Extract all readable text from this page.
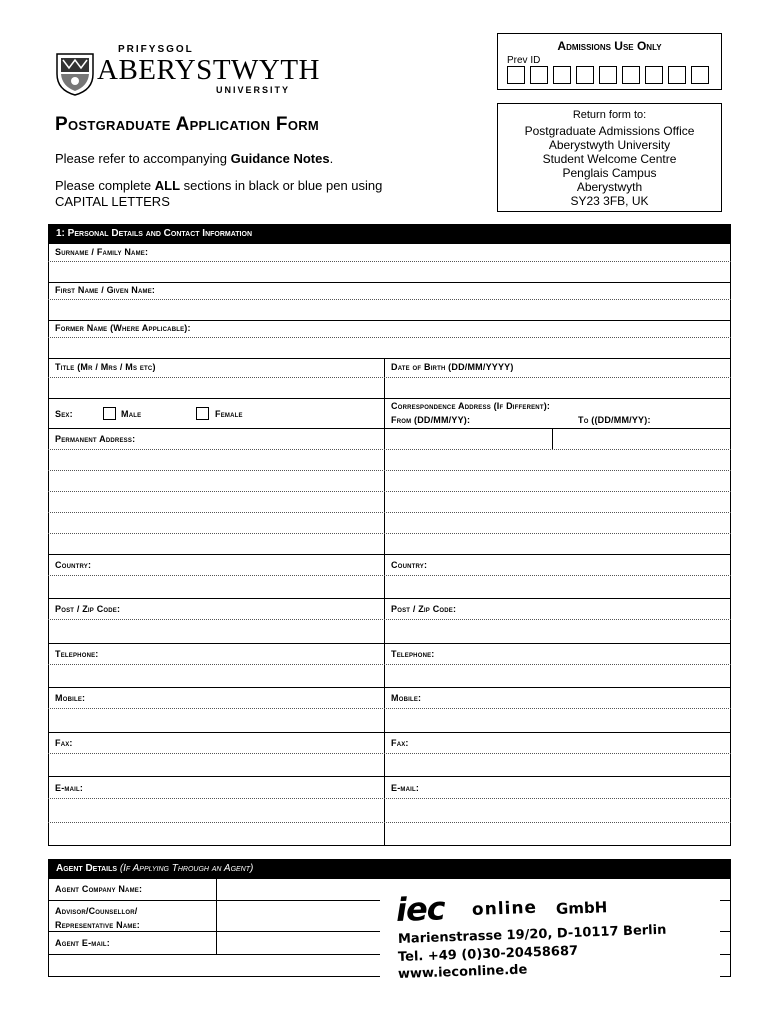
PRIFYSGOL
ABERYSTWYTH
UNIVERSITY
Admissions Use Only
Prev ID
Return form to:
Postgraduate Admissions Office
Aberystwyth University
Student Welcome Centre
Penglais Campus
Aberystwyth
SY23 3FB, UK
Postgraduate Application Form
Please refer to accompanying Guidance Notes.
Please complete ALL sections in black or blue pen using
CAPITAL LETTERS
1: Personal Details and Contact Information
Surname / Family Name:
First Name / Given Name:
Former Name (Where Applicable):
Title (Mr / Mrs / Ms etc)	Date of Birth (DD/MM/YYYY)
Sex:	Male	Female
Correspondence Address (If Different):
From (DD/MM/YY):	To ((DD/MM/YY):
Permanent Address:
Country:	Country:
Post / Zip Code:	Post / Zip Code:
Telephone:	Telephone:
Mobile:	Mobile:
Fax:	Fax:
E-mail:	E-mail:
Agent Details (If Applying Through an Agent)
Agent Company Name:
Advisor/Counsellor/
Representative Name:
Agent E-mail:
iec online GmbH
Marienstrasse 19/20, D-10117 Berlin
Tel. +49 (0)30-20458687
www.ieconline.de
